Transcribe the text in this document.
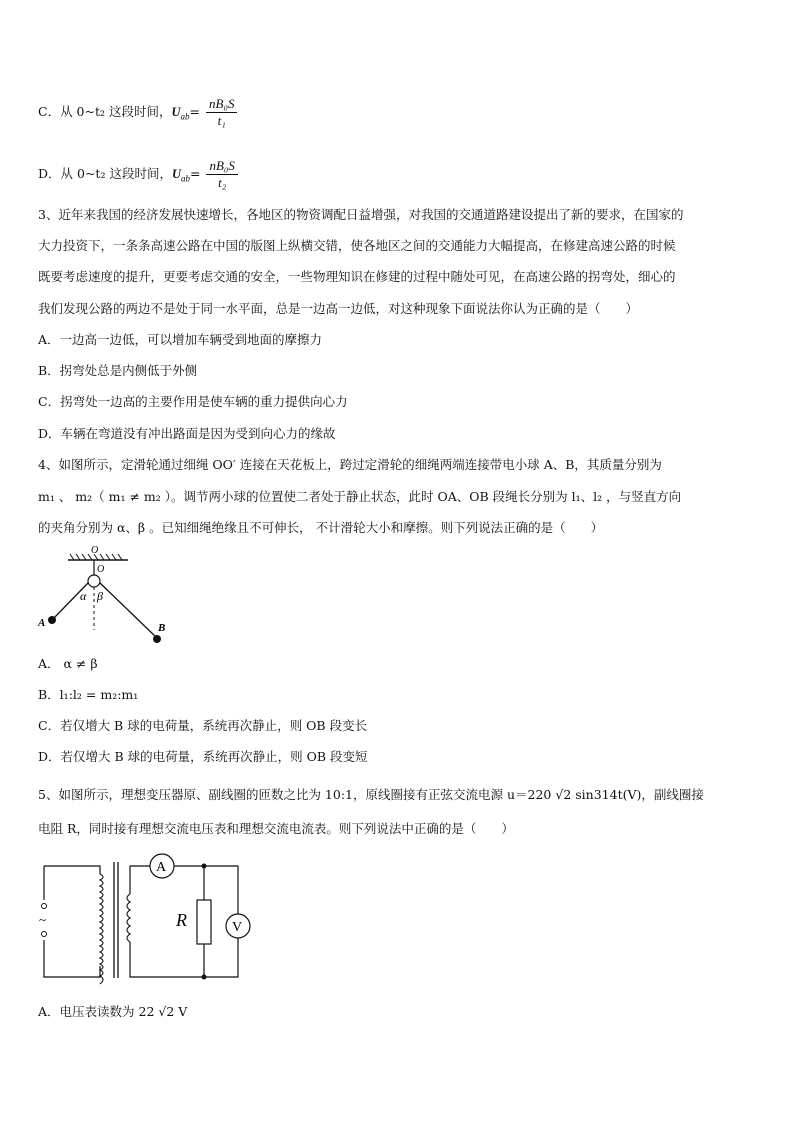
C．从 0~t₂ 这段时间，$U_{ab}= \frac{\text{nB₀S}}{\text{t₁}}$
D．从 0~t₂ 这段时间，$U_{ab}= \frac{\text{nB₀S}}{\text{t₂}}$
3、近年来我国的经济发展快速增长，各地区的物资调配日益增强，对我国的交通道路建设提出了新的要求，在国家的
大力投资下，一条条高速公路在中国的版图上纵横交错，使各地区之间的交通能力大幅提高，在修建高速公路的时候
既要考虑速度的提升，更要考虑交通的安全，一些物理知识在修建的过程中随处可见，在高速公路的拐弯处，细心的
我们发现公路的两边不是处于同一水平面，总是一边高一边低，对这种现象下面说法你认为正确的是（　　）
A．一边高一边低，可以增加车辆受到地面的摩擦力
B．拐弯处总是内侧低于外侧
C．拐弯处一边高的主要作用是使车辆的重力提供向心力
D．车辆在弯道没有冲出路面是因为受到向心力的缘故
4、如图所示，定滑轮通过细绳 OO′ 连接在天花板上，跨过定滑轮的细绳两端连接带电小球 A、B，其质量分别为
m₁ 、 m₂（ m₁ ≠ m₂ ）。调节两小球的位置使二者处于静止状态，此时 OA、OB 段绳长分别为 l₁、l₂ ，与竖直方向
的夹角分别为 α、β 。已知细绳绝缘且不可伸长， 不计滑轮大小和摩擦。则下列说法正确的是（　　）
O
O
α β
A	B
A． α ≠ β
B．l₁:l₂ = m₂:m₁
C．若仅增大 B 球的电荷量，系统再次静止，则 OB 段变长
D．若仅增大 B 球的电荷量，系统再次静止，则 OB 段变短
5、如图所示，理想变压器原、副线圈的匝数之比为 10:1，原线圈接有正弦交流电源 u＝220 √2 sin314t(V)，副线圈接
电阻 R，同时接有理想交流电压表和理想交流电流表。则下列说法中正确的是（　　）
~
A
R	V
A．电压表读数为 22 √2 V
